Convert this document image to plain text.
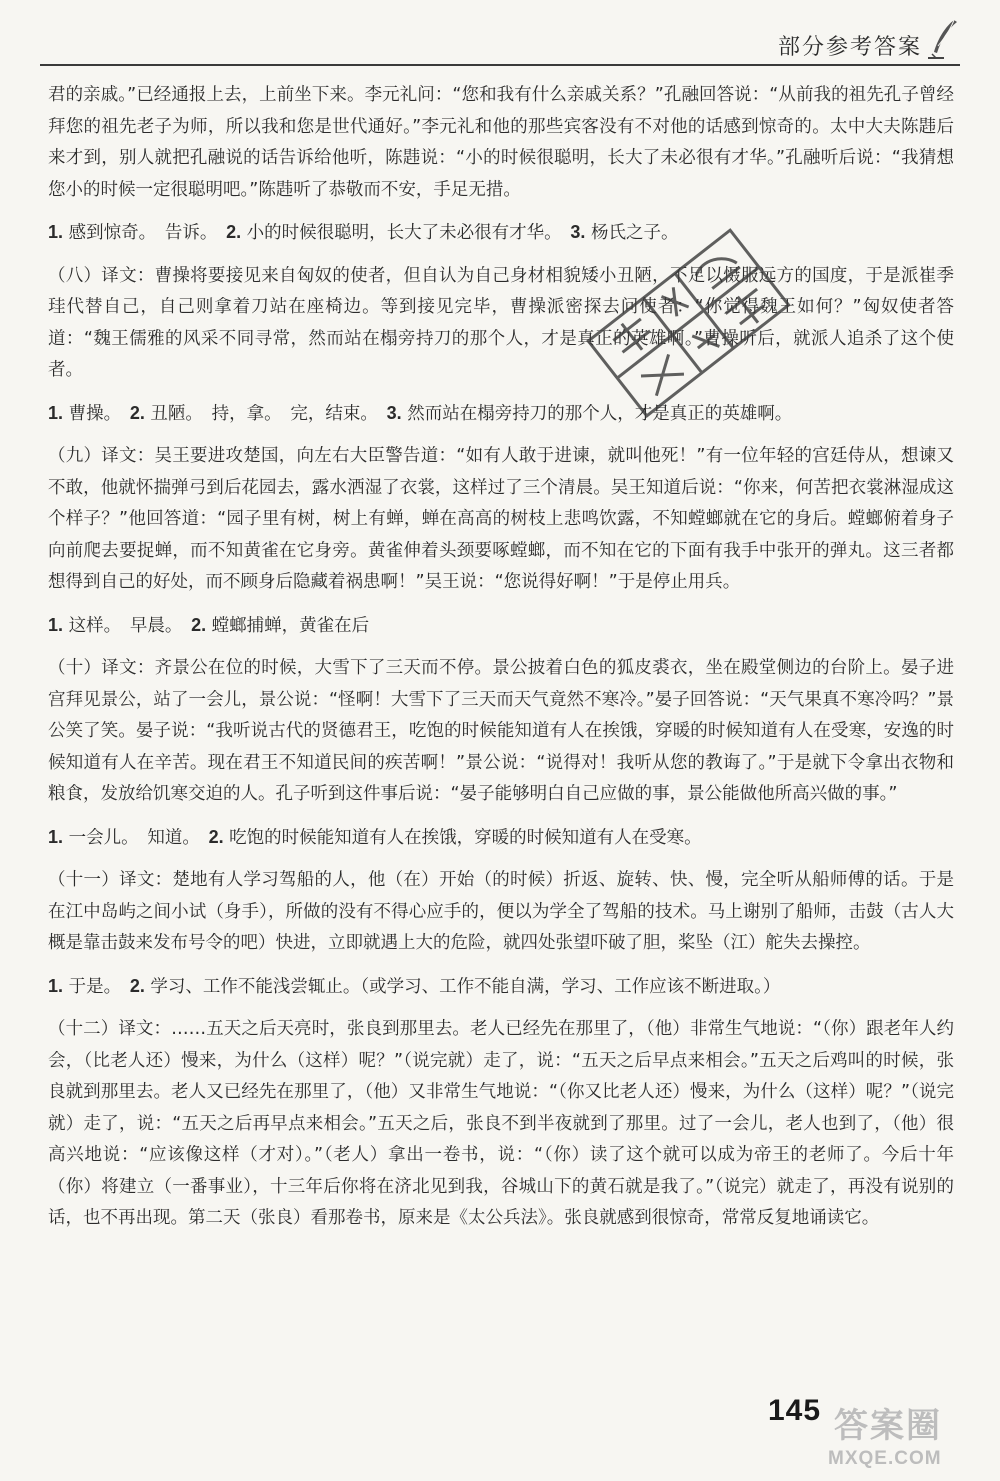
部分参考答案

君的亲戚。”已经通报上去，上前坐下来。李元礼问：“您和我有什么亲戚关系？”孔融回答说：“从前我的祖先孔子曾经拜您的祖先老子为师，所以我和您是世代通好。”李元礼和他的那些宾客没有不对他的话感到惊奇的。太中大夫陈韪后来才到，别人就把孔融说的话告诉给他听，陈韪说：“小的时候很聪明，长大了未必很有才华。”孔融听后说：“我猜想您小的时候一定很聪明吧。”陈韪听了恭敬而不安，手足无措。

1. 感到惊奇。　告诉。　2. 小的时候很聪明，长大了未必很有才华。　3. 杨氏之子。

（八）译文：曹操将要接见来自匈奴的使者，但自认为自己身材相貌矮小丑陋，不足以慑服远方的国度，于是派崔季珪代替自己，自己则拿着刀站在座椅边。等到接见完毕，曹操派密探去问使者：“你觉得魏王如何？”匈奴使者答道：“魏王儒雅的风采不同寻常，然而站在榻旁持刀的那个人，才是真正的英雄啊。”曹操听后，就派人追杀了这个使者。

1. 曹操。　2. 丑陋。　持，拿。　完，结束。　3. 然而站在榻旁持刀的那个人，才是真正的英雄啊。

（九）译文：吴王要进攻楚国，向左右大臣警告道：“如有人敢于进谏，就叫他死！”有一位年轻的宫廷侍从，想谏又不敢，他就怀揣弹弓到后花园去，露水洒湿了衣裳，这样过了三个清晨。吴王知道后说：“你来，何苦把衣裳淋湿成这个样子？”他回答道：“园子里有树，树上有蝉，蝉在高高的树枝上悲鸣饮露，不知螳螂就在它的身后。螳螂俯着身子向前爬去要捉蝉，而不知黄雀在它身旁。黄雀伸着头颈要啄螳螂，而不知在它的下面有我手中张开的弹丸。这三者都想得到自己的好处，而不顾身后隐藏着祸患啊！”吴王说：“您说得好啊！”于是停止用兵。

1. 这样。　早晨。　2. 螳螂捕蝉，黄雀在后

（十）译文：齐景公在位的时候，大雪下了三天而不停。景公披着白色的狐皮裘衣，坐在殿堂侧边的台阶上。晏子进宫拜见景公，站了一会儿，景公说：“怪啊！大雪下了三天而天气竟然不寒冷。”晏子回答说：“天气果真不寒冷吗？”景公笑了笑。晏子说：“我听说古代的贤德君王，吃饱的时候能知道有人在挨饿，穿暖的时候知道有人在受寒，安逸的时候知道有人在辛苦。现在君王不知道民间的疾苦啊！”景公说：“说得对！我听从您的教诲了。”于是就下令拿出衣物和粮食，发放给饥寒交迫的人。孔子听到这件事后说：“晏子能够明白自己应做的事，景公能做他所高兴做的事。”

1. 一会儿。　知道。　2. 吃饱的时候能知道有人在挨饿，穿暖的时候知道有人在受寒。

（十一）译文：楚地有人学习驾船的人，他（在）开始（的时候）折返、旋转、快、慢，完全听从船师傅的话。于是在江中岛屿之间小试（身手），所做的没有不得心应手的，便以为学全了驾船的技术。马上谢别了船师，击鼓（古人大概是靠击鼓来发布号令的吧）快进，立即就遇上大的危险，就四处张望吓破了胆，桨坠（江）舵失去操控。

1. 于是。　2. 学习、工作不能浅尝辄止。（或学习、工作不能自满，学习、工作应该不断进取。）

（十二）译文：……五天之后天亮时，张良到那里去。老人已经先在那里了，（他）非常生气地说：“（你）跟老年人约会，（比老人还）慢来，为什么（这样）呢？”（说完就）走了，说：“五天之后早点来相会。”五天之后鸡叫的时候，张良就到那里去。老人又已经先在那里了，（他）又非常生气地说：“（你又比老人还）慢来，为什么（这样）呢？”（说完就）走了，说：“五天之后再早点来相会。”五天之后，张良不到半夜就到了那里。过了一会儿，老人也到了，（他）很高兴地说：“应该像这样（才对）。”（老人）拿出一卷书，说：“（你）读了这个就可以成为帝王的老师了。今后十年（你）将建立（一番事业），十三年后你将在济北见到我，谷城山下的黄石就是我了。”（说完）就走了，再没有说别的话，也不再出现。第二天（张良）看那卷书，原来是《太公兵法》。张良就感到很惊奇，常常反复地诵读它。

145 答案圈
MXQE.COM
